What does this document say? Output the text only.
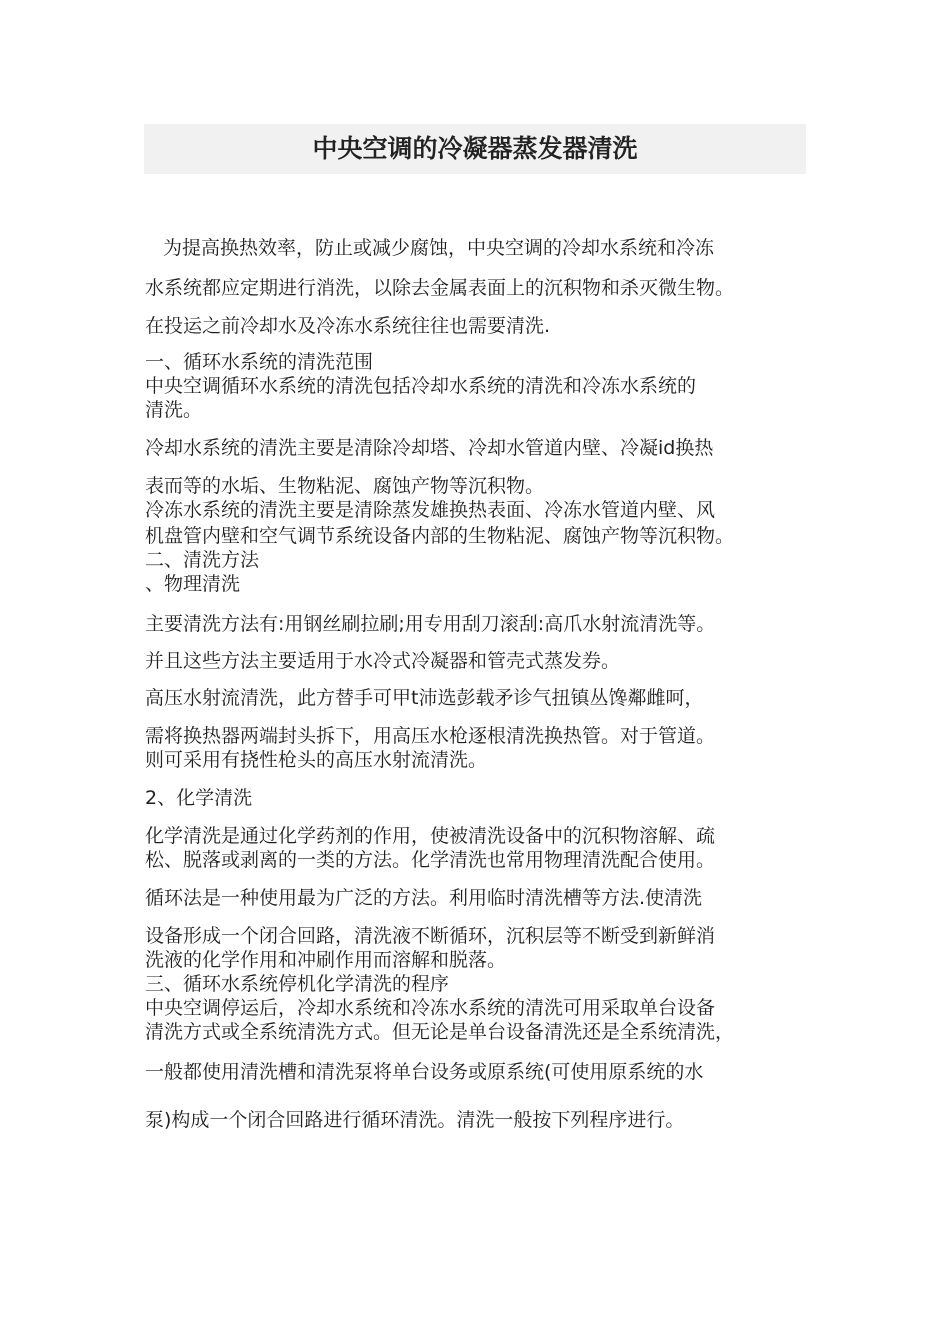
中央空调的冷凝器蒸发器清洗

为提高换热效率，防止或减少腐蚀，中央空调的冷却水系统和冷冻

水系统都应定期进行消洗，以除去金属表面上的沉积物和杀灭微生物。

在投运之前冷却水及冷冻水系统往往也需要清洗.

一、循环水系统的清洗范围

中央空调循环水系统的清洗包括冷却水系统的清洗和冷冻水系统的

清洗。

冷却水系统的清洗主要是清除冷却塔、冷却水管道内壁、冷凝id换热

表而等的水垢、生物粘泥、腐蚀产物等沉积物。

冷冻水系统的清洗主要是清除蒸发雄换热表面、冷冻水管道内壁、风

机盘管内壁和空气调节系统设备内部的生物粘泥、腐蚀产物等沉积物。

二、清洗方法

、物理清洗

主要清洗方法有:用钢丝刷拉刷;用专用刮刀滚刮:高爪水射流清洗等。

并且这些方法主要适用于水冷式冷凝器和管壳式蒸发券。

高压水射流清洗，此方替手可甲t沛选彭载矛诊气扭镇丛馋鄰雌呵，

需将换热器两端封头拆下，用高压水枪逐根清洗换热管。对于管道。

则可采用有挠性枪头的高压水射流清洗。

2、化学清洗

化学清洗是通过化学药剂的作用，使被清洗设备中的沉积物溶解、疏

松、脱落或剥离的一类的方法。化学清洗也常用物理清洗配合使用。

循环法是一种使用最为广泛的方法。利用临时清洗槽等方法.使清洗

设备形成一个闭合回路，清洗液不断循环，沉积层等不断受到新鲜消

洗液的化学作用和冲刷作用而溶解和脱落。

三、循环水系统停机化学清洗的程序

中央空调停运后，冷却水系统和冷冻水系统的清洗可用采取单台设备

清洗方式或全系统清洗方式。但无论是单台设备清洗还是全系统清洗，

一般都使用清洗槽和清洗泵将单台设务或原系统(可使用原系统的水

泵)构成一个闭合回路进行循环清洗。清洗一般按下列程序进行。
